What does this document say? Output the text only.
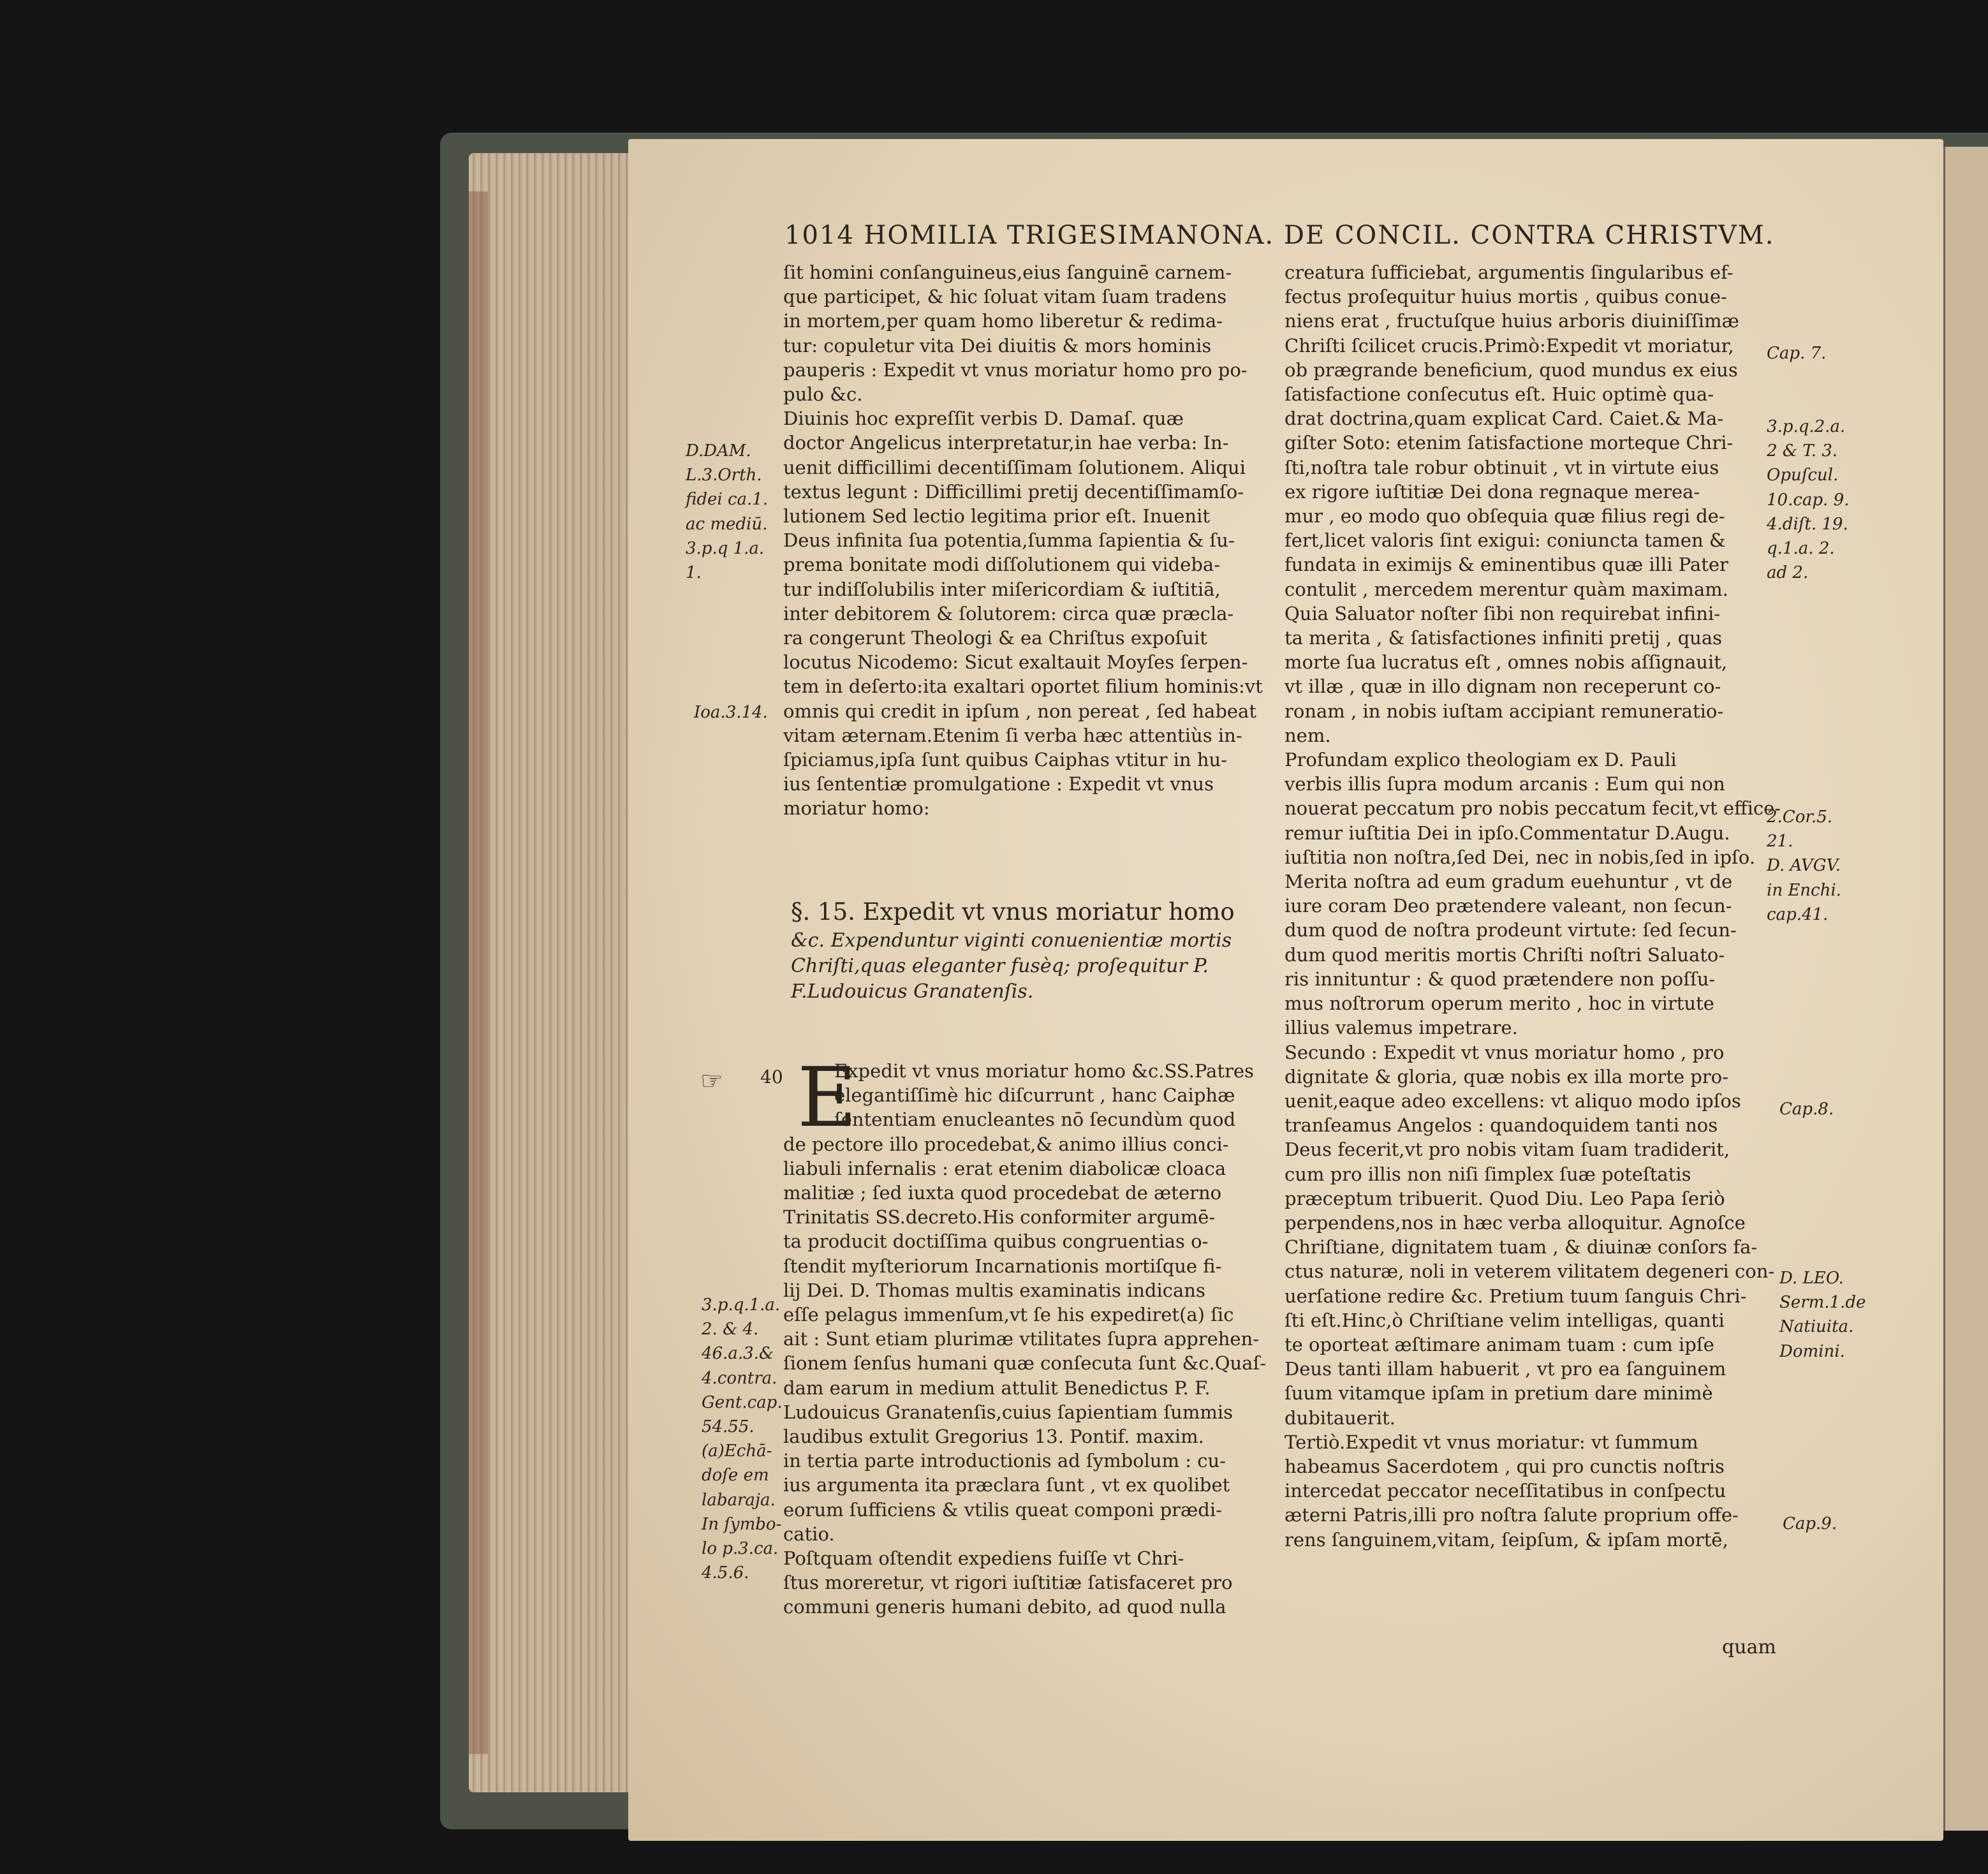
1014 HOMILIA TRIGESIMANONA. DE CONCIL. CONTRA CHRISTVM.
ſit homini conſanguineus,eius ſanguinē carnem-
que participet, & hic ſoluat vitam ſuam tradens
in mortem,per quam homo liberetur & redima-
tur: copuletur vita Dei diuitis & mors hominis
pauperis : Expedit vt vnus moriatur homo pro po-
pulo &c.
Diuinis hoc expreſſit verbis D. Damaſ. quæ
doctor Angelicus interpretatur,in hae verba: In-
uenit difficillimi decentiſſimam ſolutionem. Aliqui
textus legunt : Difficillimi pretij decentiſſimamſo-
lutionem Sed lectio legitima prior eſt. Inuenit
Deus infinita ſua potentia,ſumma ſapientia & ſu-
prema bonitate modi diſſolutionem qui videba-
tur indiſſolubilis inter miſericordiam & iuſtitiā,
inter debitorem & ſolutorem: circa quæ præcla-
ra congerunt Theologi & ea Chriſtus expoſuit
locutus Nicodemo: Sicut exaltauit Moyſes ſerpen-
tem in deſerto:ita exaltari oportet filium hominis:vt
omnis qui credit in ipſum , non pereat , ſed habeat
vitam æternam.Etenim ſi verba hæc attentiùs in-
ſpiciamus,ipſa ſunt quibus Caiphas vtitur in hu-
ius ſententiæ promulgatione : Expedit vt vnus
moriatur homo:
§. 15. Expedit vt vnus moriatur homo
&c. Expenduntur viginti conuenientiæ mortis
Chriſti,quas eleganter fusèq; proſequitur P.
F.Ludouicus Granatenſis.
☞ 40 E
Expedit vt vnus moriatur homo &c.SS.Patres
elegantiſſimè hic diſcurrunt , hanc Caiphæ
ſententiam enucleantes nō ſecundùm quod
de pectore illo procedebat,& animo illius conci-
liabuli infernalis : erat etenim diabolicæ cloaca
malitiæ ; ſed iuxta quod procedebat de æterno
Trinitatis SS.decreto.His conformiter argumē-
ta producit doctiſſima quibus congruentias o-
ſtendit myſteriorum Incarnationis mortiſque fi-
lij Dei. D. Thomas multis examinatis indicans
eſſe pelagus immenſum,vt ſe his expediret(a) ſic
ait : Sunt etiam plurimæ vtilitates ſupra apprehen-
ſionem ſenſus humani quæ conſecuta ſunt &c.Quaſ-
dam earum in medium attulit Benedictus P. F.
Ludouicus Granatenſis,cuius ſapientiam ſummis
laudibus extulit Gregorius 13. Pontif. maxim.
in tertia parte introductionis ad ſymbolum : cu-
ius argumenta ita præclara ſunt , vt ex quolibet
eorum ſufficiens & vtilis queat componi prædi-
catio.
Poſtquam oſtendit expediens fuiſſe vt Chri-
ſtus moreretur, vt rigori iuſtitiæ ſatisfaceret pro
communi generis humani debito, ad quod nulla
creatura ſufficiebat, argumentis ſingularibus ef-
fectus proſequitur huius mortis , quibus conue-
niens erat , fructuſque huius arboris diuiniſſimæ
Chriſti ſcilicet crucis.Primò:Expedit vt moriatur,
ob prægrande beneficium, quod mundus ex eius
ſatisfactione conſecutus eſt. Huic optimè qua-
drat doctrina,quam explicat Card. Caiet.& Ma-
giſter Soto: etenim ſatisfactione morteque Chri-
ſti,noſtra tale robur obtinuit , vt in virtute eius
ex rigore iuſtitiæ Dei dona regnaque merea-
mur , eo modo quo obſequia quæ filius regi de-
fert,licet valoris ſint exigui: coniuncta tamen &
fundata in eximijs & eminentibus quæ illi Pater
contulit , mercedem merentur quàm maximam.
Quia Saluator noſter ſibi non requirebat infini-
ta merita , & ſatisfactiones infiniti pretij , quas
morte ſua lucratus eſt , omnes nobis aſſignauit,
vt illæ , quæ in illo dignam non receperunt co-
ronam , in nobis iuſtam accipiant remuneratio-
nem.
Profundam explico theologiam ex D. Pauli
verbis illis ſupra modum arcanis : Eum qui non
nouerat peccatum pro nobis peccatum fecit,vt effice-
remur iuſtitia Dei in ipſo.Commentatur D.Augu.
iuſtitia non noſtra,ſed Dei, nec in nobis,ſed in ipſo.
Merita noſtra ad eum gradum euehuntur , vt de
iure coram Deo prætendere valeant, non ſecun-
dum quod de noſtra prodeunt virtute: ſed ſecun-
dum quod meritis mortis Chriſti noſtri Saluato-
ris innituntur : & quod prætendere non poſſu-
mus noſtrorum operum merito , hoc in virtute
illius valemus impetrare.
Secundo : Expedit vt vnus moriatur homo , pro
dignitate & gloria, quæ nobis ex illa morte pro-
uenit,eaque adeo excellens: vt aliquo modo ipſos
tranſeamus Angelos : quandoquidem tanti nos
Deus fecerit,vt pro nobis vitam ſuam tradiderit,
cum pro illis non niſi ſimplex ſuæ poteſtatis
præceptum tribuerit. Quod Diu. Leo Papa ſeriò
perpendens,nos in hæc verba alloquitur. Agnoſce
Chriſtiane, dignitatem tuam , & diuinæ conſors fa-
ctus naturæ, noli in veterem vilitatem degeneri con-
uerſatione redire &c. Pretium tuum ſanguis Chri-
ſti eſt.Hinc,ò Chriſtiane velim intelligas, quanti
te oporteat æſtimare animam tuam : cum ipſe
Deus tanti illam habuerit , vt pro ea ſanguinem
ſuum vitamque ipſam in pretium dare minimè
dubitauerit.
Tertiò.Expedit vt vnus moriatur: vt ſummum
habeamus Sacerdotem , qui pro cunctis noſtris
intercedat peccator neceſſitatibus in conſpectu
æterni Patris,illi pro noſtra ſalute proprium offe-
rens ſanguinem,vitam, ſeipſum, & ipſam mortē,
quam
D.DAM.
L.3.Orth.
fidei ca.1.
ac mediū.
3.p.q 1.a.
1.
Ioa.3.14.
3.p.q.1.a.
2. & 4.
46.a.3.&
4.contra.
Gent.cap.
54.55.
(a)Echā-
doſe em
labaraja.
In ſymbo-
lo p.3.ca.
4.5.6.
Cap. 7.
3.p.q.2.a.
2 & T. 3.
Opuſcul.
10.cap. 9.
4.diſt. 19.
q.1.a. 2.
ad 2.
2.Cor.5.
21.
D. AVGV.
in Enchi.
cap.41.
Cap.8.
D. LEO.
Serm.1.de
Natiuita.
Domini.
Cap.9.
